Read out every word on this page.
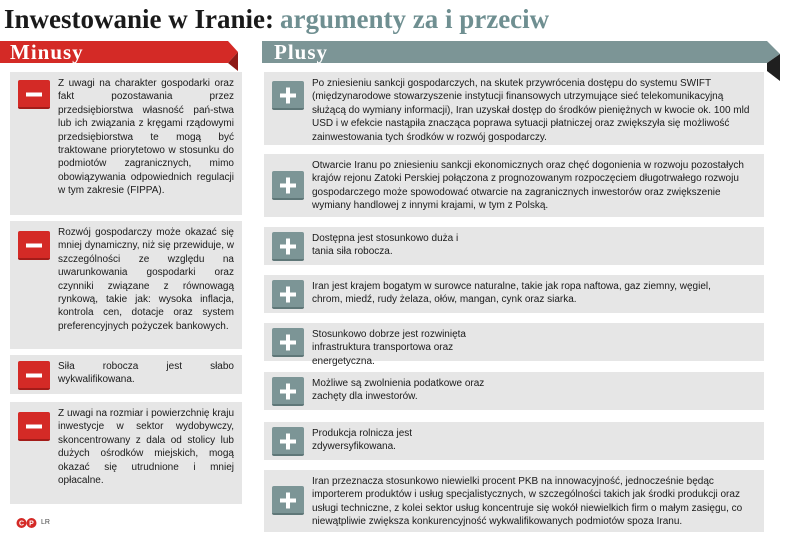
Inwestowanie w Iranie: argumenty za i przeciw
Minusy	Plusy
Z uwagi na charakter gospodarki oraz fakt pozostawania przez przedsiębiorstwa własność pań-stwa lub ich związania z kręgami rządowymi przedsiębiorstwa te mogą być traktowane priorytetowo w stosunku do podmiotów zagranicznych, mimo obowiązywania odpowiednich regulacji w tym zakresie (FIPPA).
Rozwój gospodarczy może okazać się mniej dynamiczny, niż się przewiduje, w szczególności ze względu na uwarunkowania gospodarki oraz czynniki związane z równowagą rynkową, takie jak: wysoka inflacja, kontrola cen, dotacje oraz system preferencyjnych pożyczek bankowych.
Siła robocza jest słabo wykwalifikowana.
Z uwagi na rozmiar i powierzchnię kraju inwestycje w sektor wydobywczy, skoncentrowany z dala od stolicy lub dużych ośrodków miejskich, mogą okazać się utrudnione i mniej opłacalne.
Po zniesieniu sankcji gospodarczych, na skutek przywrócenia dostępu do systemu SWIFT (międzynarodowe stowarzyszenie instytucji finansowych utrzymujące sieć telekomunikacyjną służącą do wymiany informacji), Iran uzyskał dostęp do środków pieniężnych w kwocie ok. 100 mld USD i w efekcie nastąpiła znacząca poprawa sytuacji płatniczej oraz zwiększyła się możliwość zainwestowania tych środków w rozwój gospodarczy.
Otwarcie Iranu po zniesieniu sankcji ekonomicznych oraz chęć dogonienia w rozwoju pozostałych krajów rejonu Zatoki Perskiej połączona z prognozowanym rozpoczęciem długotrwałego rozwoju gospodarczego może spowodować otwarcie na zagranicznych inwestorów oraz zwiększenie wymiany handlowej z innymi krajami, w tym z Polską.
Dostępna jest stosunkowo duża i tania siła robocza.
Iran jest krajem bogatym w surowce naturalne, takie jak ropa naftowa, gaz ziemny, węgiel, chrom, miedź, rudy żelaza, ołów, mangan, cynk oraz siarka.
Stosunkowo dobrze jest rozwinięta infrastruktura transportowa oraz energetyczna.
Możliwe są zwolnienia podatkowe oraz zachęty dla inwestorów.
Produkcja rolnicza jest zdywersyfikowana.
Iran przeznacza stosunkowo niewielki procent PKB na innowacyjność, jednocześnie będąc importerem produktów i usług specjalistycznych, w szczególności takich jak środki produkcji oraz usługi techniczne, z kolei sektor usług koncentruje się wokół niewielkich firm o małym zasięgu, co niewątpliwie zwiększa konkurencyjność wykwalifikowanych podmiotów spoza Iranu.
C P LR
